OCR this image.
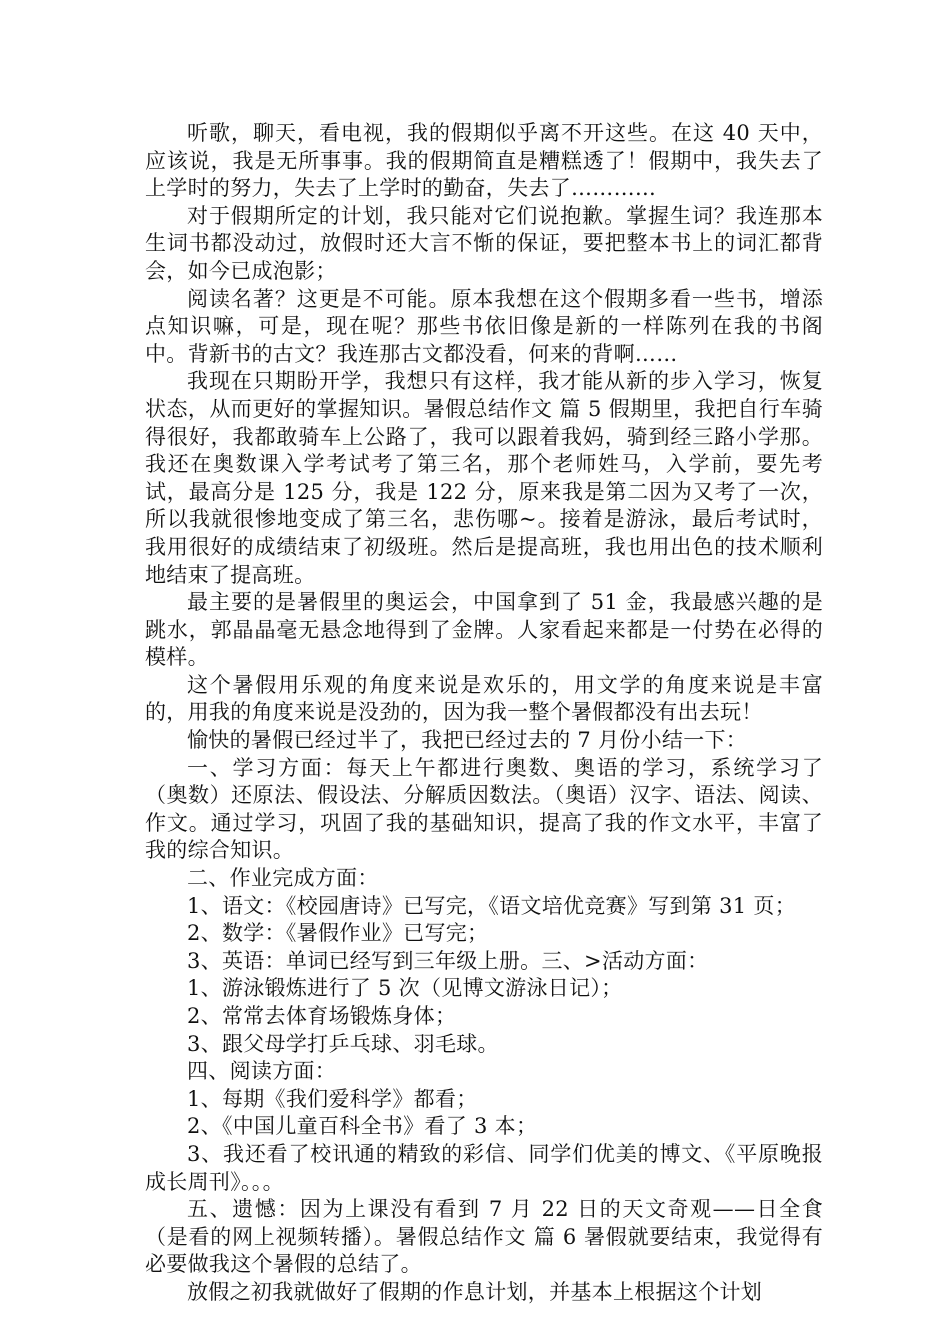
听歌，聊天，看电视，我的假期似乎离不开这些。在这 40 天中，应该说，我是无所事事。我的假期简直是糟糕透了！假期中，我失去了上学时的努力，失去了上学时的勤奋，失去了…………

对于假期所定的计划，我只能对它们说抱歉。掌握生词？我连那本生词书都没动过，放假时还大言不惭的保证，要把整本书上的词汇都背会，如今已成泡影；

阅读名著？这更是不可能。原本我想在这个假期多看一些书，增添点知识嘛，可是，现在呢？那些书依旧像是新的一样陈列在我的书阁中。背新书的古文？我连那古文都没看，何来的背啊……

我现在只期盼开学，我想只有这样，我才能从新的步入学习，恢复状态，从而更好的掌握知识。暑假总结作文 篇 5 假期里，我把自行车骑得很好，我都敢骑车上公路了，我可以跟着我妈，骑到经三路小学那。我还在奥数课入学考试考了第三名，那个老师姓马，入学前，要先考试，最高分是 125 分，我是 122 分，原来我是第二因为又考了一次，所以我就很惨地变成了第三名，悲伤哪~。接着是游泳，最后考试时，我用很好的成绩结束了初级班。然后是提高班，我也用出色的技术顺利地结束了提高班。

最主要的是暑假里的奥运会，中国拿到了 51 金，我最感兴趣的是跳水，郭晶晶毫无悬念地得到了金牌。人家看起来都是一付势在必得的模样。

这个暑假用乐观的角度来说是欢乐的，用文学的角度来说是丰富的，用我的角度来说是没劲的，因为我一整个暑假都没有出去玩！

愉快的暑假已经过半了，我把已经过去的 7 月份小结一下：

一、学习方面：每天上午都进行奥数、奥语的学习，系统学习了（奥数）还原法、假设法、分解质因数法。（奥语）汉字、语法、阅读、作文。通过学习，巩固了我的基础知识，提高了我的作文水平，丰富了我的综合知识。

二、作业完成方面：

1、语文：《校园唐诗》已写完，《语文培优竞赛》写到第 31 页；

2、数学：《暑假作业》已写完；

3、英语：单词已经写到三年级上册。三、>活动方面：

1、游泳锻炼进行了 5 次（见博文游泳日记）；

2、常常去体育场锻炼身体；

3、跟父母学打乒乓球、羽毛球。

四、阅读方面：

1、每期《我们爱科学》都看；

2、《中国儿童百科全书》看了 3 本；

3、我还看了校讯通的精致的彩信、同学们优美的博文、《平原晚报成长周刊》。。。

五、遗憾：因为上课没有看到 7 月 22 日的天文奇观——日全食（是看的网上视频转播）。暑假总结作文 篇 6 暑假就要结束，我觉得有必要做我这个暑假的总结了。

放假之初我就做好了假期的作息计划，并基本上根据这个计划
